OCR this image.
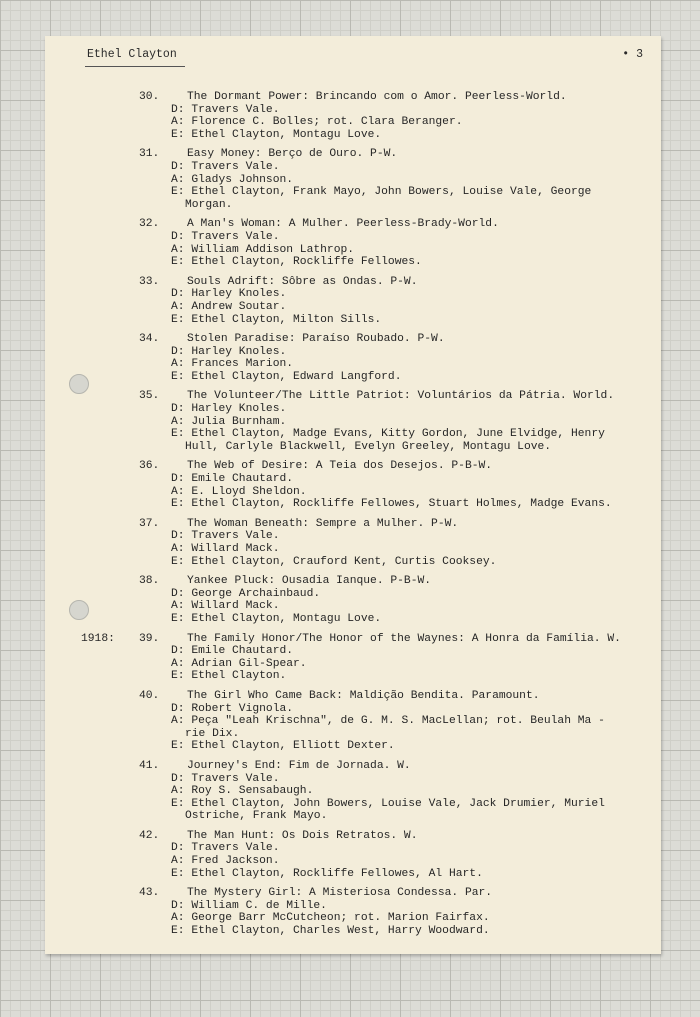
Ethel Clayton	• 3
30. The Dormant Power: Brincando com o Amor. Peerless-World.
D: Travers Vale.
A: Florence C. Bolles; rot. Clara Beranger.
E: Ethel Clayton, Montagu Love.
31. Easy Money: Berço de Ouro. P-W.
D: Travers Vale.
A: Gladys Johnson.
E: Ethel Clayton, Frank Mayo, John Bowers, Louise Vale, George
Morgan.
32. A Man's Woman: A Mulher. Peerless-Brady-World.
D: Travers Vale.
A: William Addison Lathrop.
E: Ethel Clayton, Rockliffe Fellowes.
33. Souls Adrift: Sôbre as Ondas. P-W.
D: Harley Knoles.
A: Andrew Soutar.
E: Ethel Clayton, Milton Sills.
34. Stolen Paradise: Paraíso Roubado. P-W.
D: Harley Knoles.
A: Frances Marion.
E: Ethel Clayton, Edward Langford.
35. The Volunteer/The Little Patriot: Voluntários da Pátria. World.
D: Harley Knoles.
A: Julia Burnham.
E: Ethel Clayton, Madge Evans, Kitty Gordon, June Elvidge, Henry
Hull, Carlyle Blackwell, Evelyn Greeley, Montagu Love.
36. The Web of Desire: A Teia dos Desejos. P-B-W.
D: Emile Chautard.
A: E. Lloyd Sheldon.
E: Ethel Clayton, Rockliffe Fellowes, Stuart Holmes, Madge Evans.
37. The Woman Beneath: Sempre a Mulher. P-W.
D: Travers Vale.
A: Willard Mack.
E: Ethel Clayton, Crauford Kent, Curtis Cooksey.
38. Yankee Pluck: Ousadia Ianque. P-B-W.
D: George Archainbaud.
A: Willard Mack.
E: Ethel Clayton, Montagu Love.
1918:	39. The Family Honor/The Honor of the Waynes: A Honra da Família. W.
D: Emile Chautard.
A: Adrian Gil-Spear.
E: Ethel Clayton.
40. The Girl Who Came Back: Maldição Bendita. Paramount.
D: Robert Vignola.
A: Peça "Leah Krischna", de G. M. S. MacLellan; rot. Beulah Ma -
rie Dix.
E: Ethel Clayton, Elliott Dexter.
41. Journey's End: Fim de Jornada. W.
D: Travers Vale.
A: Roy S. Sensabaugh.
E: Ethel Clayton, John Bowers, Louise Vale, Jack Drumier, Muriel
Ostriche, Frank Mayo.
42. The Man Hunt: Os Dois Retratos. W.
D: Travers Vale.
A: Fred Jackson.
E: Ethel Clayton, Rockliffe Fellowes, Al Hart.
43. The Mystery Girl: A Misteriosa Condessa. Par.
D: William C. de Mille.
A: George Barr McCutcheon; rot. Marion Fairfax.
E: Ethel Clayton, Charles West, Harry Woodward.
